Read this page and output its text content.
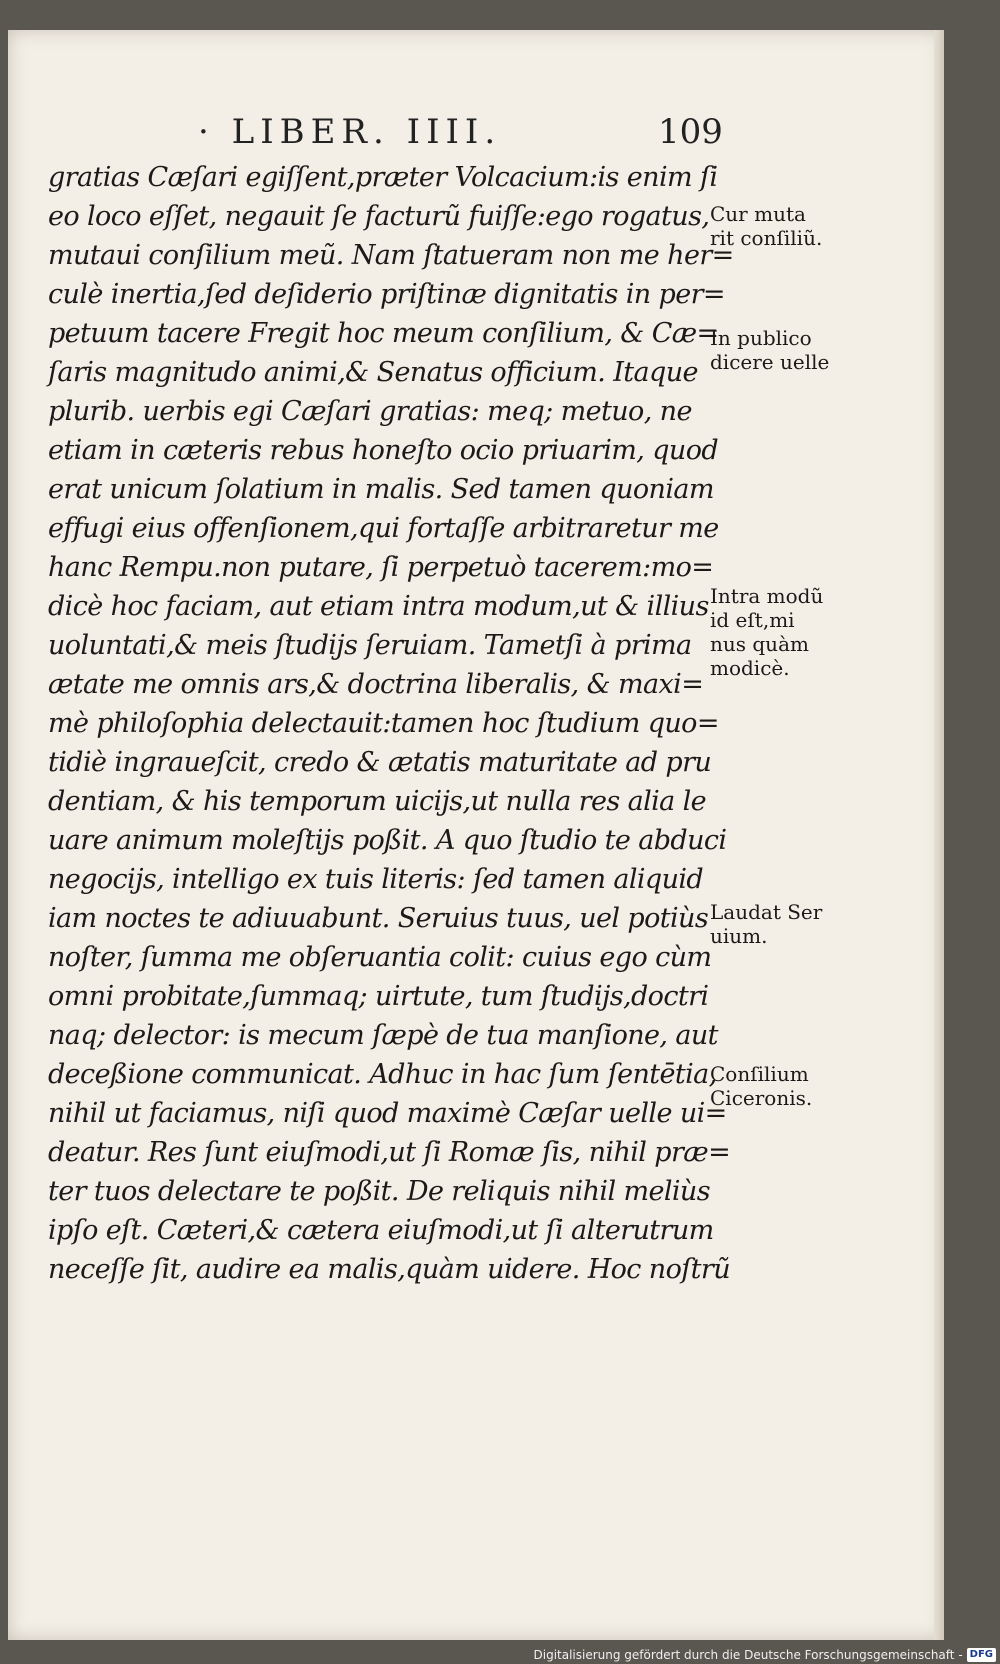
· LIBER. IIII.	109
gratias Cæſari egiſſent,præter Volcacium:is enim ſi
eo loco eſſet, negauit ſe facturũ fuiſſe:ego rogatus,
mutaui conſilium meũ. Nam ſtatueram non me her=
culè inertia,ſed deſiderio priſtinæ dignitatis in per=
petuum tacere Fregit hoc meum conſilium, & Cæ=
ſaris magnitudo animi,& Senatus officium. Itaque
plurib. uerbis egi Cæſari gratias: meq; metuo, ne
etiam in cæteris rebus honeſto ocio priuarim, quod
erat unicum ſolatium in malis. Sed tamen quoniam
effugi eius offenſionem,qui fortaſſe arbitraretur me
hanc Rempu.non putare, ſi perpetuò tacerem:mo=
dicè hoc faciam, aut etiam intra modum,ut & illius
uoluntati,& meis ſtudijs ſeruiam. Tametſi à prima
ætate me omnis ars,& doctrina liberalis, & maxi=
mè philoſophia delectauit:tamen hoc ſtudium quo=
tidiè ingraueſcit, credo & ætatis maturitate ad pru
dentiam, & his temporum uicijs,ut nulla res alia le
uare animum moleſtijs poßit. A quo ſtudio te abduci
negocijs, intelligo ex tuis literis: ſed tamen aliquid
iam noctes te adiuuabunt. Seruius tuus, uel potiùs
noſter, ſumma me obſeruantia colit: cuius ego cùm
omni probitate,ſummaq; uirtute, tum ſtudijs,doctri
naq; delector: is mecum ſæpè de tua manſione, aut
deceßione communicat. Adhuc in hac ſum ſentētia,
nihil ut faciamus, niſi quod maximè Cæſar uelle ui=
deatur. Res ſunt eiuſmodi,ut ſi Romæ ſis, nihil præ=
ter tuos delectare te poßit. De reliquis nihil meliùs
ipſo eſt. Cæteri,& cætera eiuſmodi,ut ſi alterutrum
neceſſe ſit, audire ea malis,quàm uidere. Hoc noſtrũ
Cur muta
rit conſiliũ.
In publico
dicere uelle
Intra modũ
id eſt,mi
nus quàm
modicè.
Laudat Ser
uium.
Conſilium
Ciceronis.
Digitalisierung gefördert durch die Deutsche Forschungsgemeinschaft - DFG
